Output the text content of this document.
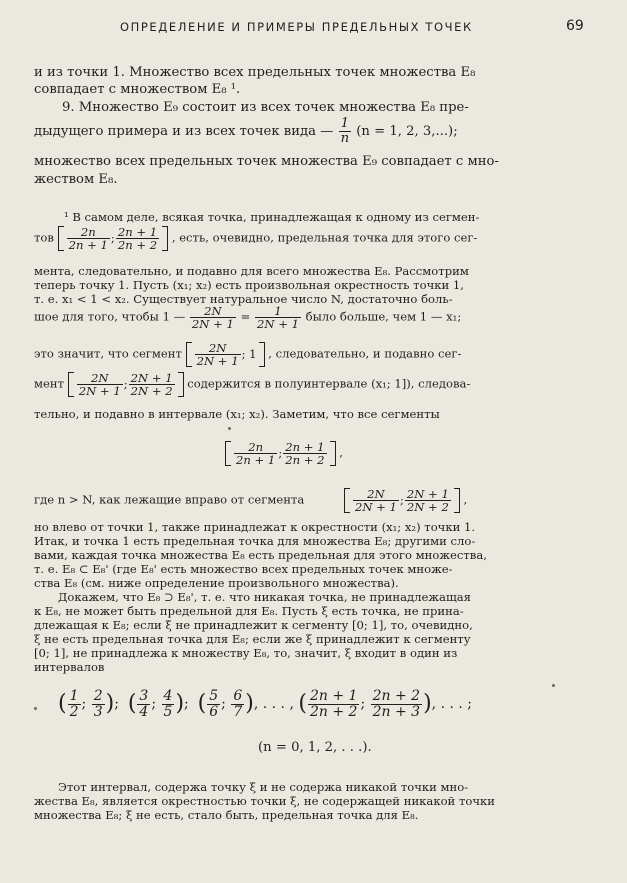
ОПРЕДЕЛЕНИЕ И ПРИМЕРЫ ПРЕДЕЛЬНЫХ ТОЧЕК	69
и из точки 1. Множество всех предельных точек множества E₈
совпадает с множеством E₈ ¹.
9. Множество E₉ состоит из всех точек множества E₈ пре-
дыдущего примера и из всех точек вида — $\frac{1}{n} (n = 1$, 2, 3,...);
множество всех предельных точек множества E₉ совпадает с мно-
жеством E₈.
¹ В самом деле, всякая точка, принадлежащая к одному из сегмен-
тов $\frac{2n}{2n + 1}$ ; $\frac{2n + 1}{2n + 2}$ , есть, очевидно, предельная точка для этого сег-
мента, следовательно, и подавно для всего множества E₈. Рассмотрим
теперь точку 1. Пусть (x₁; x₂) есть произвольная окрестность точки 1,
т. е. x₁ < 1 < x₂. Существует натуральное число N, достаточно боль-
шое для того, чтобы 1 — $\frac{2N}{2N + 1} = \frac{1}{2N + 1}$ было больше, чем 1 — x₁;
это значит, что сегмент $\frac{2N}{2N + 1}$ ;
1 , следовательно, и подавно сег-
мент $\frac{2N}{2N + 1}$ ; $\frac{2N + 1}{2N + 2}$ содержится в полуинтервале (x₁; 1]), следова-
тельно, и подавно в интервале (x₁; x₂). Заметим, что все сегменты
$\frac{2n}{2n + 1}$ ; $\frac{2n + 1}{2n + 2}$ ,
где n > N, как лежащие вправо от сегмента	$\frac{2N}{2N + 1}$ ; $\frac{2N + 1}{2N + 2}$ ,
но влево от точки 1, также принадлежат к окрестности (x₁; x₂) точки 1.
Итак, и точка 1 есть предельная точка для множества E₈; другими сло-
вами, каждая точка множества E₈ есть предельная для этого множества,
т. е. E₈ ⊂ E₈' (где E₈' есть множество всех предельных точек множе-
ства E₈ (см. ниже определение произвольного множества).
Докажем, что E₈ ⊃ E₈', т. е. что никакая точка, не принадлежащая
к E₈, не может быть предельной для E₈. Пусть ξ есть точка, не прина-
длежащая к E₈; если ξ не принадлежит к сегменту [0; 1], то, очевидно,
ξ не есть предельная точка для E₈; если же ξ принадлежит к сегменту
[0; 1], не принадлежа к множеству E₈, то, значит, ξ входит в один из
интервалов
( $\frac{1}{2}$ ; $\frac{2}{3}$ ); ( $\frac{3}{4}$ ; $\frac{4}{5}$ ); ( $\frac{5}{6}$ ; $\frac{6}{7}$ ), . . . , ( $\frac{2n + 1}{2n + 2}$ ; $\frac{2n + 2}{2n + 3}$ ), . . . ;
(n = 0, 1, 2, . . .).
Этот интервал, содержа точку ξ и не содержа никакой точки мно-
жества E₈, является окрестностью точки ξ, не содержащей никакой точки
множества E₈; ξ не есть, стало быть, предельная точка для E₈.
